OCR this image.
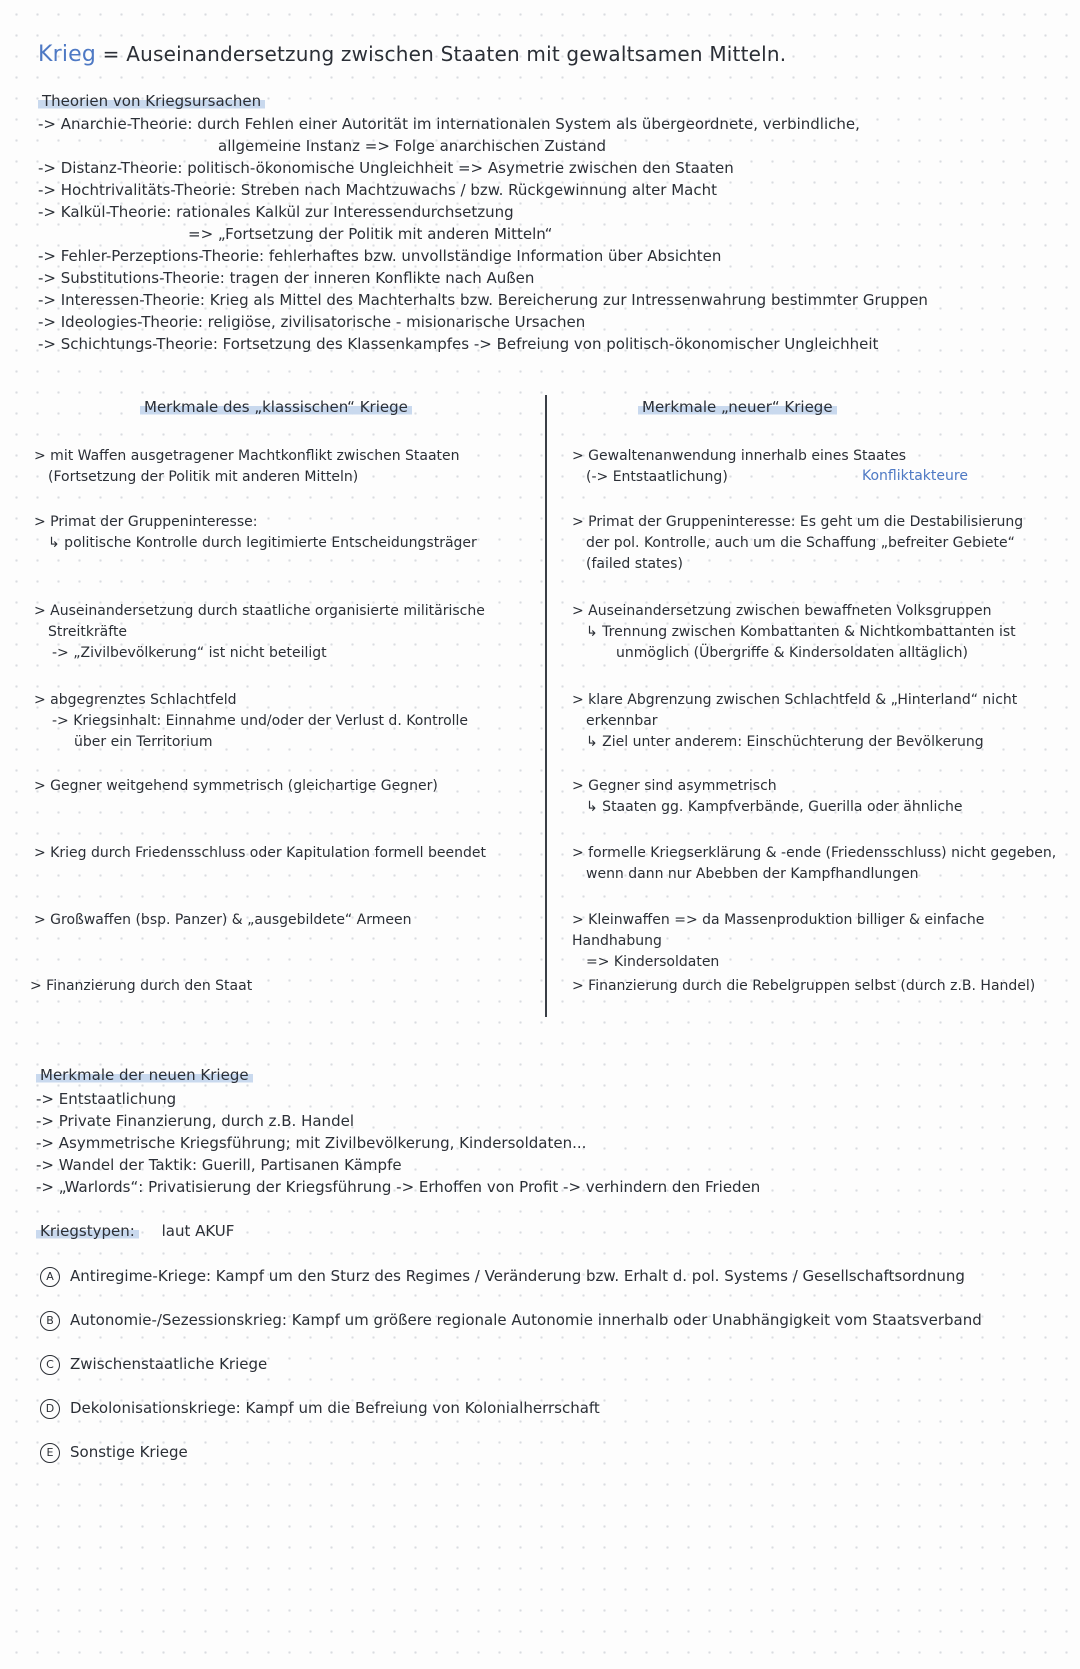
Krieg = Auseinandersetzung zwischen Staaten mit gewaltsamen Mitteln.
Theorien von Kriegsursachen
-> Anarchie-Theorie: durch Fehlen einer Autorität im internationalen System als übergeordnete, verbindliche,
allgemeine Instanz => Folge anarchischen Zustand
-> Distanz-Theorie: politisch-ökonomische Ungleichheit => Asymetrie zwischen den Staaten
-> Hochtrivalitäts-Theorie: Streben nach Machtzuwachs / bzw. Rückgewinnung alter Macht
-> Kalkül-Theorie: rationales Kalkül zur Interessendurchsetzung
=> „Fortsetzung der Politik mit anderen Mitteln“
-> Fehler-Perzeptions-Theorie: fehlerhaftes bzw. unvollständige Information über Absichten
-> Substitutions-Theorie: tragen der inneren Konflikte nach Außen
-> Interessen-Theorie: Krieg als Mittel des Machterhalts bzw. Bereicherung zur Intressenwahrung bestimmter Gruppen
-> Ideologies-Theorie: religiöse, zivilisatorische - misionarische Ursachen
-> Schichtungs-Theorie: Fortsetzung des Klassenkampfes -> Befreiung von politisch-ökonomischer Ungleichheit
Merkmale des „klassischen“ Kriege	Merkmale „neuer“ Kriege
> mit Waffen ausgetragener Machtkonflikt zwischen Staaten
(Fortsetzung der Politik mit anderen Mitteln)
> Primat der Gruppeninteresse:
↳ politische Kontrolle durch legitimierte Entscheidungsträger
> Auseinandersetzung durch staatliche organisierte militärische
Streitkräfte
-> „Zivilbevölkerung“ ist nicht beteiligt
> abgegrenztes Schlachtfeld
-> Kriegsinhalt: Einnahme und/oder der Verlust d. Kontrolle
über ein Territorium
> Gegner weitgehend symmetrisch (gleichartige Gegner)
> Krieg durch Friedensschluss oder Kapitulation formell beendet
> Großwaffen (bsp. Panzer) & „ausgebildete“ Armeen
> Finanzierung durch den Staat
> Gewaltenanwendung innerhalb eines Staates
(-> Entstaatlichung)	Konfliktakteure
> Primat der Gruppeninteresse: Es geht um die Destabilisierung
der pol. Kontrolle, auch um die Schaffung „befreiter Gebiete“
(failed states)
> Auseinandersetzung zwischen bewaffneten Volksgruppen
↳ Trennung zwischen Kombattanten & Nichtkombattanten ist
unmöglich (Übergriffe & Kindersoldaten alltäglich)
> klare Abgrenzung zwischen Schlachtfeld & „Hinterland“ nicht
erkennbar
↳ Ziel unter anderem: Einschüchterung der Bevölkerung
> Gegner sind asymmetrisch
↳ Staaten gg. Kampfverbände, Guerilla oder ähnliche
> formelle Kriegserklärung & -ende (Friedensschluss) nicht gegeben,
wenn dann nur Abebben der Kampfhandlungen
> Kleinwaffen => da Massenproduktion billiger & einfache Handhabung
=> Kindersoldaten
> Finanzierung durch die Rebelgruppen selbst (durch z.B. Handel)
Merkmale der neuen Kriege
-> Entstaatlichung
-> Private Finanzierung, durch z.B. Handel
-> Asymmetrische Kriegsführung; mit Zivilbevölkerung, Kindersoldaten...
-> Wandel der Taktik: Guerill, Partisanen Kämpfe
-> „Warlords“: Privatisierung der Kriegsführung -> Erhoffen von Profit -> verhindern den Frieden
Kriegstypen: laut AKUF
A Antiregime-Kriege: Kampf um den Sturz des Regimes / Veränderung bzw. Erhalt d. pol. Systems / Gesellschaftsordnung
B Autonomie-/Sezessionskrieg: Kampf um größere regionale Autonomie innerhalb oder Unabhängigkeit vom Staatsverband
C Zwischenstaatliche Kriege
D Dekolonisationskriege: Kampf um die Befreiung von Kolonialherrschaft
E Sonstige Kriege
